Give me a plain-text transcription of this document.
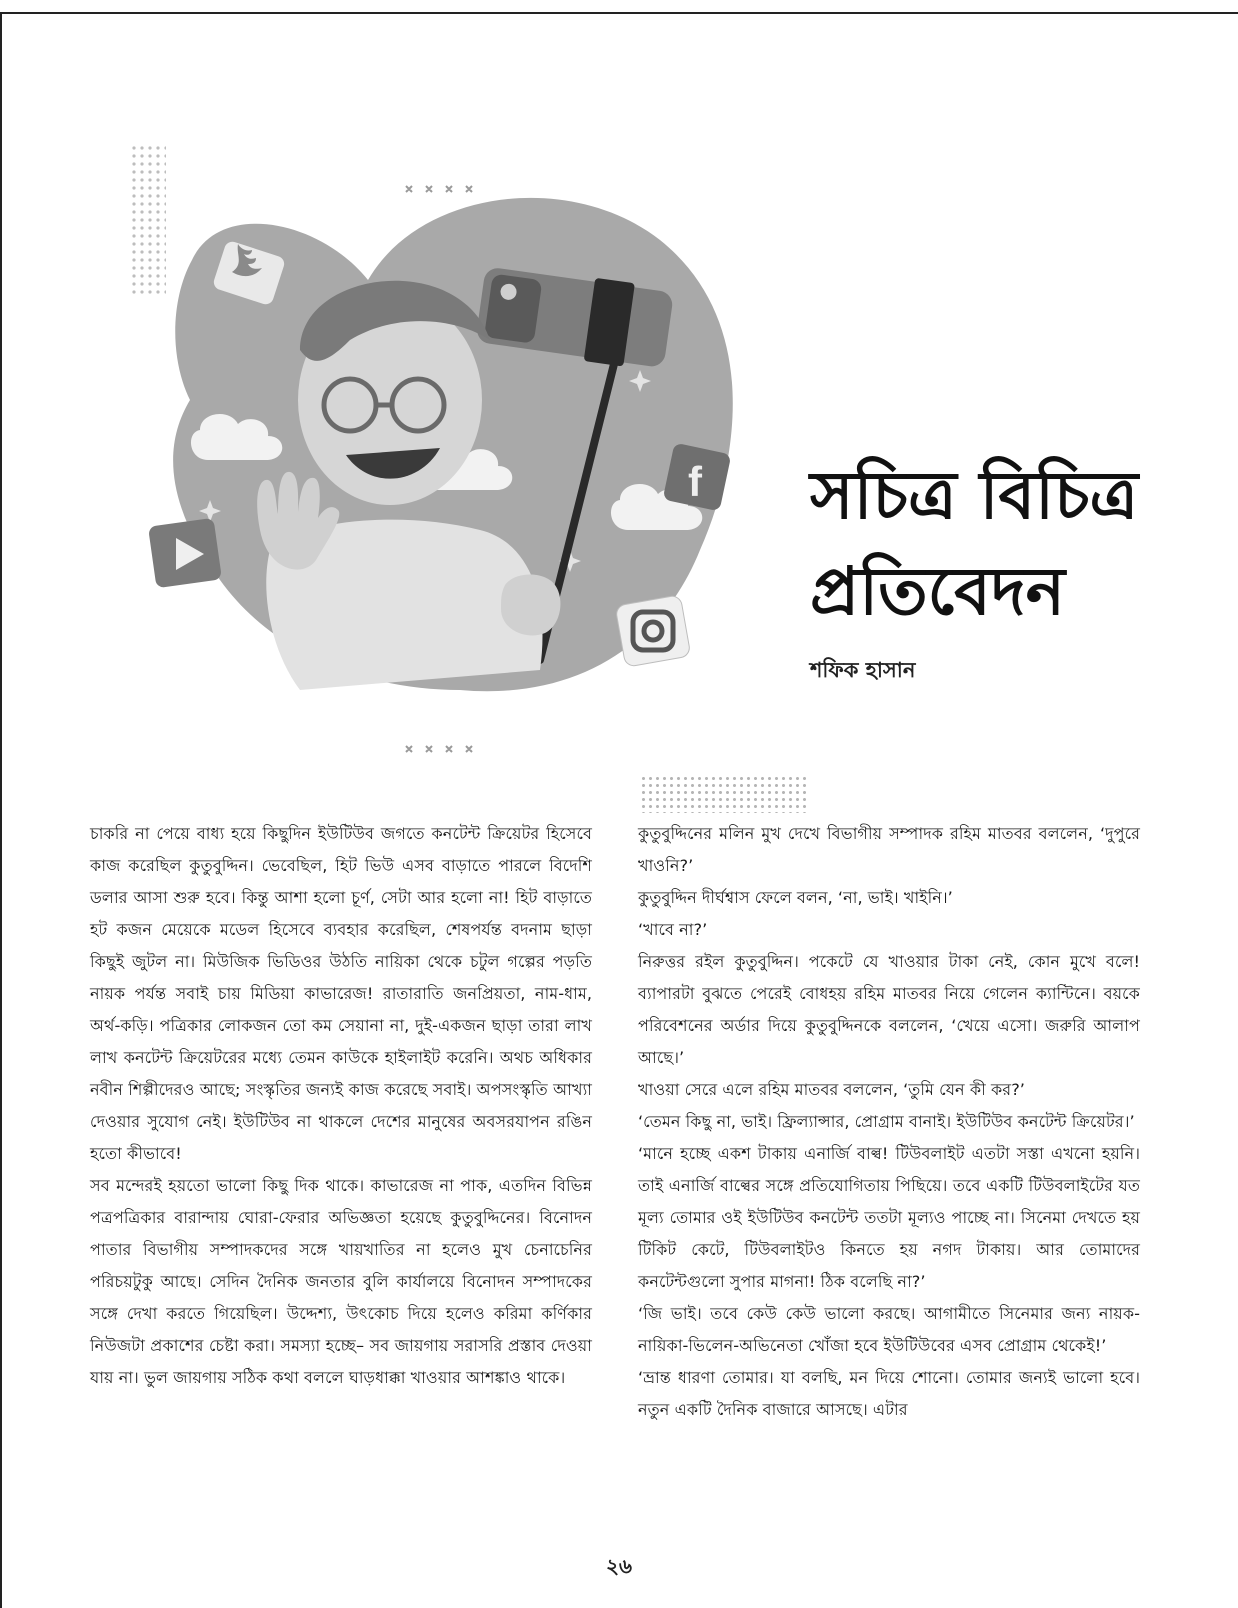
f সচিত্র বিচিত্র
প্রতিবেদন
শফিক হাসান

চাকরি না পেয়ে বাধ্য হয়ে কিছুদিন ইউটিউব জগতে কনটেন্ট ক্রিয়েটর হিসেবে কাজ করেছিল কুতুবুদ্দিন। ভেবেছিল, হিট ভিউ এসব বাড়াতে পারলে বিদেশি ডলার আসা শুরু হবে। কিন্তু আশা হলো চূর্ণ, সেটা আর হলো না! হিট বাড়াতে হট কজন মেয়েকে মডেল হিসেবে ব্যবহার করেছিল, শেষপর্যন্ত বদনাম ছাড়া কিছুই জুটল না। মিউজিক ভিডিওর উঠতি নায়িকা থেকে চটুল গল্পের পড়তি নায়ক পর্যন্ত সবাই চায় মিডিয়া কাভারেজ! রাতারাতি জনপ্রিয়তা, নাম-ধাম, অর্থ-কড়ি। পত্রিকার লোকজন তো কম সেয়ানা না, দুই-একজন ছাড়া তারা লাখ লাখ কনটেন্ট ক্রিয়েটরের মধ্যে তেমন কাউকে হাইলাইট করেনি। অথচ অধিকার নবীন শিল্পীদেরও আছে; সংস্কৃতির জন্যই কাজ করেছে সবাই। অপসংস্কৃতি আখ্যা দেওয়ার সুযোগ নেই। ইউটিউব না থাকলে দেশের মানুষের অবসরযাপন রঙিন হতো কীভাবে!

সব মন্দেরই হয়তো ভালো কিছু দিক থাকে। কাভারেজ না পাক, এতদিন বিভিন্ন পত্রপত্রিকার বারান্দায় ঘোরা-ফেরার অভিজ্ঞতা হয়েছে কুতুবুদ্দিনের। বিনোদন পাতার বিভাগীয় সম্পাদকদের সঙ্গে খায়খাতির না হলেও মুখ চেনাচেনির পরিচয়টুকু আছে। সেদিন দৈনিক জনতার বুলি কার্যালয়ে বিনোদন সম্পাদকের সঙ্গে দেখা করতে গিয়েছিল। উদ্দেশ্য, উৎকোচ দিয়ে হলেও করিমা কর্ণিকার নিউজটা প্রকাশের চেষ্টা করা। সমস্যা হচ্ছে– সব জায়গায় সরাসরি প্রস্তাব দেওয়া যায় না। ভুল জায়গায় সঠিক কথা বললে ঘাড়ধাক্কা খাওয়ার আশঙ্কাও থাকে।

কুতুবুদ্দিনের মলিন মুখ দেখে বিভাগীয় সম্পাদক রহিম মাতবর বললেন, ‘দুপুরে খাওনি?’

কুতুবুদ্দিন দীর্ঘশ্বাস ফেলে বলন, ‘না, ভাই। খাইনি।’

‘খাবে না?’

নিরুত্তর রইল কুতুবুদ্দিন। পকেটে যে খাওয়ার টাকা নেই, কোন মুখে বলে! ব্যাপারটা বুঝতে পেরেই বোধহয় রহিম মাতবর নিয়ে গেলেন ক্যান্টিনে। বয়কে পরিবেশনের অর্ডার দিয়ে কুতুবুদ্দিনকে বললেন, ‘খেয়ে এসো। জরুরি আলাপ আছে।’

খাওয়া সেরে এলে রহিম মাতবর বললেন, ‘তুমি যেন কী কর?’

‘তেমন কিছু না, ভাই। ফ্রিল্যান্সার, প্রোগ্রাম বানাই। ইউটিউব কনটেন্ট ক্রিয়েটর।’

‘মানে হচ্ছে একশ টাকায় এনার্জি বাল্ব! টিউবলাইট এতটা সস্তা এখনো হয়নি। তাই এনার্জি বাল্বের সঙ্গে প্রতিযোগিতায় পিছিয়ে। তবে একটি টিউবলাইটের যত মূল্য তোমার ওই ইউটিউব কনটেন্ট ততটা মূল্যও পাচ্ছে না। সিনেমা দেখতে হয় টিকিট কেটে, টিউবলাইটও কিনতে হয় নগদ টাকায়। আর তোমাদের কনটেন্টগুলো সুপার মাগনা! ঠিক বলেছি না?’

‘জি ভাই। তবে কেউ কেউ ভালো করছে। আগামীতে সিনেমার জন্য নায়ক-নায়িকা-ভিলেন-অভিনেতা খোঁজা হবে ইউটিউবের এসব প্রোগ্রাম থেকেই!’

‘ভ্রান্ত ধারণা তোমার। যা বলছি, মন দিয়ে শোনো। তোমার জন্যই ভালো হবে। নতুন একটি দৈনিক বাজারে আসছে। এটার

২৬
